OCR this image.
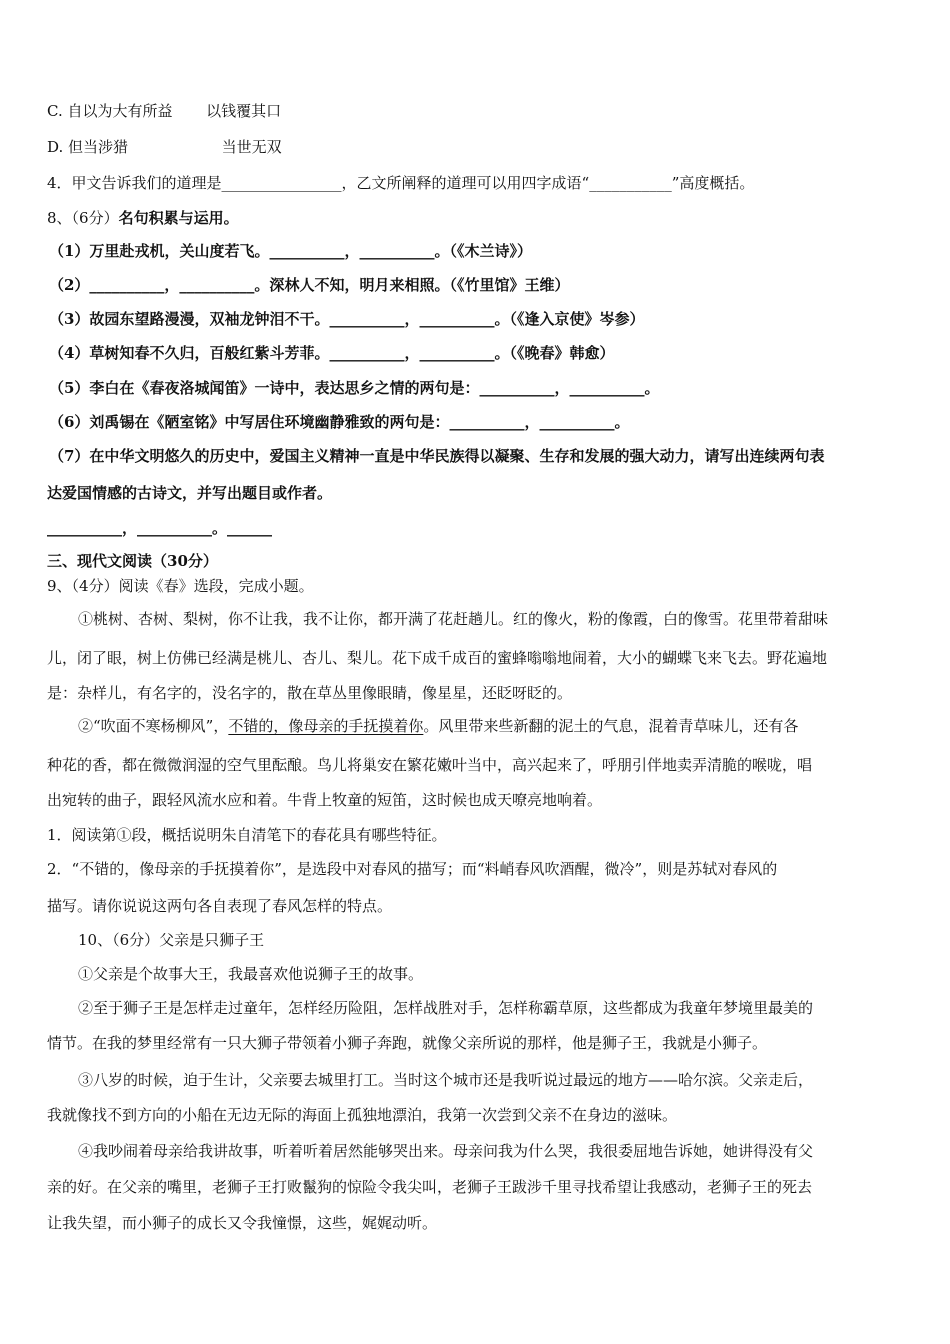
C. 自以为大有所益 以钱覆其口
D. 但当涉猎	当世无双
4．甲文告诉我们的道理是________________，乙文所阐释的道理可以用四字成语“___________”高度概括。
8、（6分）名句积累与运用。
（1）万里赴戎机，关山度若飞。__________，__________。（《木兰诗》）
（2）__________，__________。深林人不知，明月来相照。（《竹里馆》王维）
（3）故园东望路漫漫，双袖龙钟泪不干。__________，__________。（《逢入京使》岑参）
（4）草树知春不久归，百般红紫斗芳菲。__________，__________。（《晚春》韩愈）
（5）李白在《春夜洛城闻笛》一诗中，表达思乡之情的两句是：__________，__________。
（6）刘禹锡在《陋室铭》中写居住环境幽静雅致的两句是：__________，__________。
（7）在中华文明悠久的历史中，爱国主义精神一直是中华民族得以凝聚、生存和发展的强大动力，请写出连续两句表
达爱国情感的古诗文，并写出题目或作者。
__________，__________。______
三、现代文阅读（30分）
9、（4分）阅读《春》选段，完成小题。
①桃树、杏树、梨树，你不让我，我不让你，都开满了花赶趟儿。红的像火，粉的像霞，白的像雪。花里带着甜味
儿，闭了眼，树上仿佛已经满是桃儿、杏儿、梨儿。花下成千成百的蜜蜂嗡嗡地闹着，大小的蝴蝶飞来飞去。野花遍地
是：杂样儿，有名字的，没名字的，散在草丛里像眼睛，像星星，还眨呀眨的。
②“吹面不寒杨柳风”，不错的，像母亲的手抚摸着你。风里带来些新翻的泥土的气息，混着青草味儿，还有各
种花的香，都在微微润湿的空气里酝酿。鸟儿将巢安在繁花嫩叶当中，高兴起来了，呼朋引伴地卖弄清脆的喉咙，唱
出宛转的曲子，跟轻风流水应和着。牛背上牧童的短笛，这时候也成天嘹亮地响着。
1．阅读第①段，概括说明朱自清笔下的春花具有哪些特征。
2．“不错的，像母亲的手抚摸着你”，是选段中对春风的描写；而“料峭春风吹酒醒，微冷”，则是苏轼对春风的
描写。请你说说这两句各自表现了春风怎样的特点。
10、（6分）父亲是只狮子王
①父亲是个故事大王，我最喜欢他说狮子王的故事。
②至于狮子王是怎样走过童年，怎样经历险阻，怎样战胜对手，怎样称霸草原，这些都成为我童年梦境里最美的
情节。在我的梦里经常有一只大狮子带领着小狮子奔跑，就像父亲所说的那样，他是狮子王，我就是小狮子。
③八岁的时候，迫于生计，父亲要去城里打工。当时这个城市还是我听说过最远的地方——哈尔滨。父亲走后，
我就像找不到方向的小船在无边无际的海面上孤独地漂泊，我第一次尝到父亲不在身边的滋味。
④我吵闹着母亲给我讲故事，听着听着居然能够哭出来。母亲问我为什么哭，我很委屈地告诉她，她讲得没有父
亲的好。在父亲的嘴里，老狮子王打败鬣狗的惊险令我尖叫，老狮子王跋涉千里寻找希望让我感动，老狮子王的死去
让我失望，而小狮子的成长又令我憧憬，这些，娓娓动听。
